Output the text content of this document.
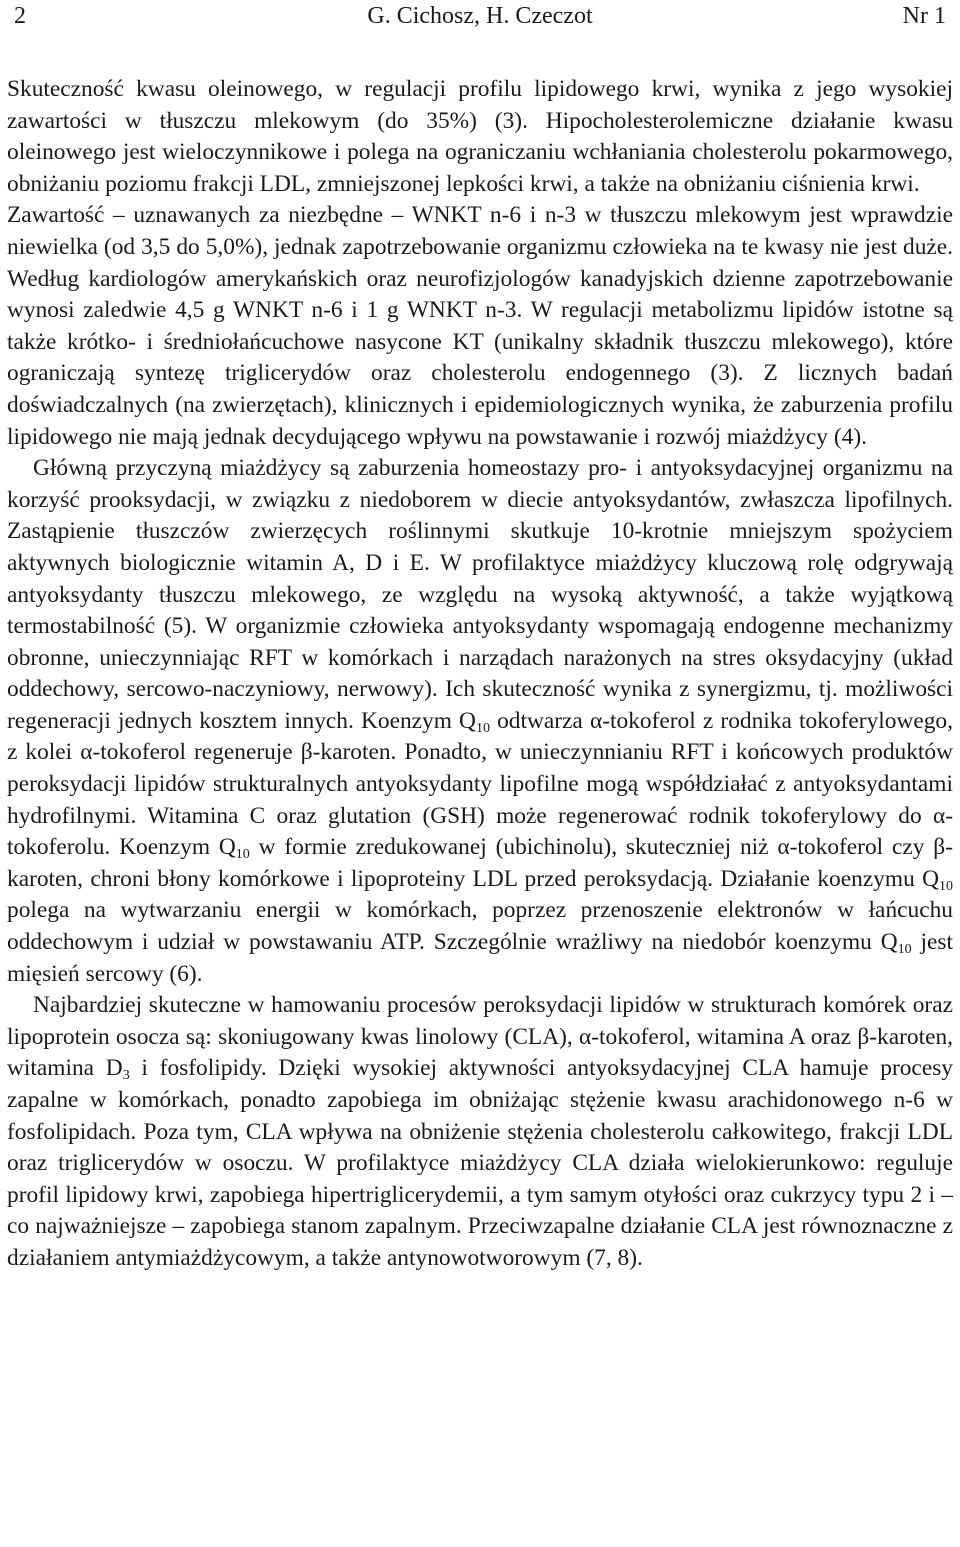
2	G. Cichosz, H. Czeczot	Nr 1

Skuteczność kwasu oleinowego, w regulacji profilu lipidowego krwi, wynika z jego wysokiej zawartości w tłuszczu mlekowym (do 35%) (3). Hipocholesterolemiczne działanie kwasu oleinowego jest wieloczynnikowe i polega na ograniczaniu wchłaniania cholesterolu pokarmowego, obniżaniu poziomu frakcji LDL, zmniejszonej lepkości krwi, a także na obniżaniu ciśnienia krwi.

Zawartość – uznawanych za niezbędne – WNKT n-6 i n-3 w tłuszczu mlekowym jest wprawdzie niewielka (od 3,5 do 5,0%), jednak zapotrzebowanie organizmu człowieka na te kwasy nie jest duże. Według kardiologów amerykańskich oraz neurofizjologów kanadyjskich dzienne zapotrzebowanie wynosi zaledwie 4,5 g WNKT n-6 i 1 g WNKT n-3. W regulacji metabolizmu lipidów istotne są także krótko- i średniołańcuchowe nasycone KT (unikalny składnik tłuszczu mlekowego), które ograniczają syntezę triglicerydów oraz cholesterolu endogennego (3). Z licznych badań doświadczalnych (na zwierzętach), klinicznych i epidemiologicznych wynika, że zaburzenia profilu lipidowego nie mają jednak decydującego wpływu na powstawanie i rozwój miażdżycy (4).

Główną przyczyną miażdżycy są zaburzenia homeostazy pro- i antyoksydacyjnej organizmu na korzyść prooksydacji, w związku z niedoborem w diecie antyoksydantów, zwłaszcza lipofilnych. Zastąpienie tłuszczów zwierzęcych roślinnymi skutkuje 10-krotnie mniejszym spożyciem aktywnych biologicznie witamin A, D i E. W profilaktyce miażdżycy kluczową rolę odgrywają antyoksydanty tłuszczu mlekowego, ze względu na wysoką aktywność, a także wyjątkową termostabilność (5). W organizmie człowieka antyoksydanty wspomagają endogenne mechanizmy obronne, unieczynniając RFT w komórkach i narządach narażonych na stres oksydacyjny (układ oddechowy, sercowo-naczyniowy, nerwowy). Ich skuteczność wynika z synergizmu, tj. możliwości regeneracji jednych kosztem innych. Koenzym $Q_{10}$ odtwarza α-tokoferol z rodnika tokoferylowego, z kolei α-tokoferol regeneruje β-karoten. Ponadto, w unieczynnianiu RFT i końcowych produktów peroksydacji lipidów strukturalnych antyoksydanty lipofilne mogą współdziałać z antyoksydantami hydrofilnymi. Witamina C oraz glutation (GSH) może regenerować rodnik tokoferylowy do α-tokoferolu. Koenzym $Q_{10}$ w formie zredukowanej (ubichinolu), skuteczniej niż α-tokoferol czy β-karoten, chroni błony komórkowe i lipoproteiny LDL przed peroksydacją. Działanie koenzymu $Q_{10}$ polega na wytwarzaniu energii w komórkach, poprzez przenoszenie elektronów w łańcuchu oddechowym i udział w powstawaniu ATP. Szczególnie wrażliwy na niedobór koenzymu $Q_{10}$ jest mięsień sercowy (6).

Najbardziej skuteczne w hamowaniu procesów peroksydacji lipidów w strukturach komórek oraz lipoprotein osocza są: skoniugowany kwas linolowy (CLA), α-tokoferol, witamina A oraz β-karoten, witamina $D_3$ i fosfolipidy. Dzięki wysokiej aktywności antyoksydacyjnej CLA hamuje procesy zapalne w komórkach, ponadto zapobiega im obniżając stężenie kwasu arachidonowego n-6 w fosfolipidach. Poza tym, CLA wpływa na obniżenie stężenia cholesterolu całkowitego, frakcji LDL oraz triglicerydów w osoczu. W profilaktyce miażdżycy CLA działa wielokierunkowo: reguluje profil lipidowy krwi, zapobiega hipertriglicerydemii, a tym samym otyłości oraz cukrzycy typu 2 i – co najważniejsze – zapobiega stanom zapalnym. Przeciwzapalne działanie CLA jest równoznaczne z działaniem antymiażdżycowym, a także antynowotworowym (7, 8).
